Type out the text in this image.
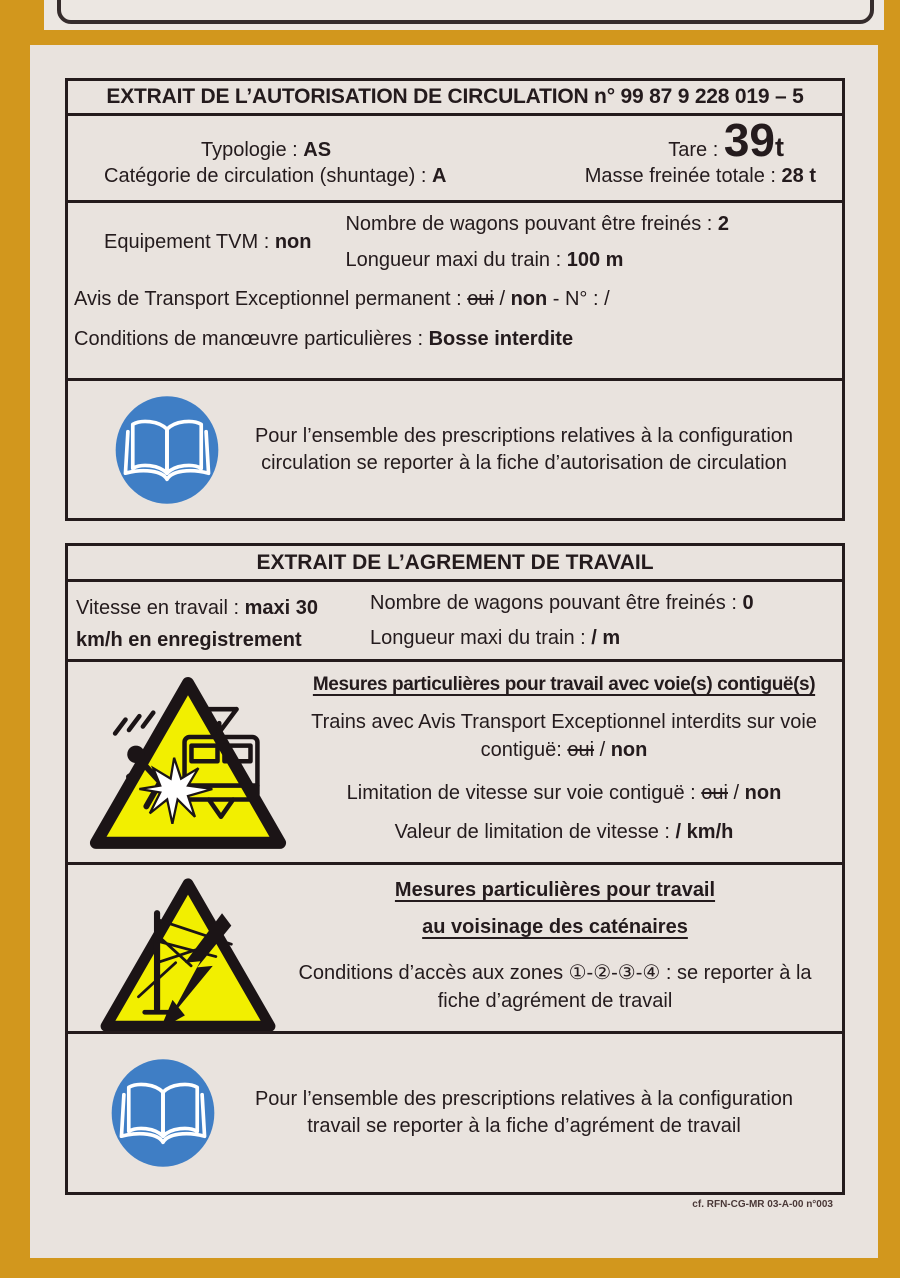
EXTRAIT DE L’AUTORISATION DE CIRCULATION n° 99 87 9 228 019 – 5
Typologie : AS	Tare : 39t
Catégorie de circulation (shuntage) : A	Masse freinée totale : 28 t
Equipement TVM : non
Nombre de wagons pouvant être freinés : 2
Longueur maxi du train : 100 m
Avis de Transport Exceptionnel permanent : oui / non - N° : /
Conditions de manœuvre particulières : Bosse interdite
Pour l’ensemble des prescriptions relatives à la configuration circulation se reporter à la fiche d’autorisation de circulation
EXTRAIT DE L’AGREMENT DE TRAVAIL
Vitesse en travail : maxi 30 km/h en enregistrement
Nombre de wagons pouvant être freinés : 0
Longueur maxi du train : / m
Mesures particulières pour travail avec voie(s) contiguë(s)
Trains avec Avis Transport Exceptionnel interdits sur voie contiguë: oui / non
Limitation de vitesse sur voie contiguë : oui / non
Valeur de limitation de vitesse : / km/h
Mesures particulières pour travail
au voisinage des caténaires
Conditions d’accès aux zones ①-②-③-④ : se reporter à la fiche d’agrément de travail
Pour l’ensemble des prescriptions relatives à la configuration travail se reporter à la fiche d’agrément de travail
cf. RFN-CG-MR 03-A-00 n°003
